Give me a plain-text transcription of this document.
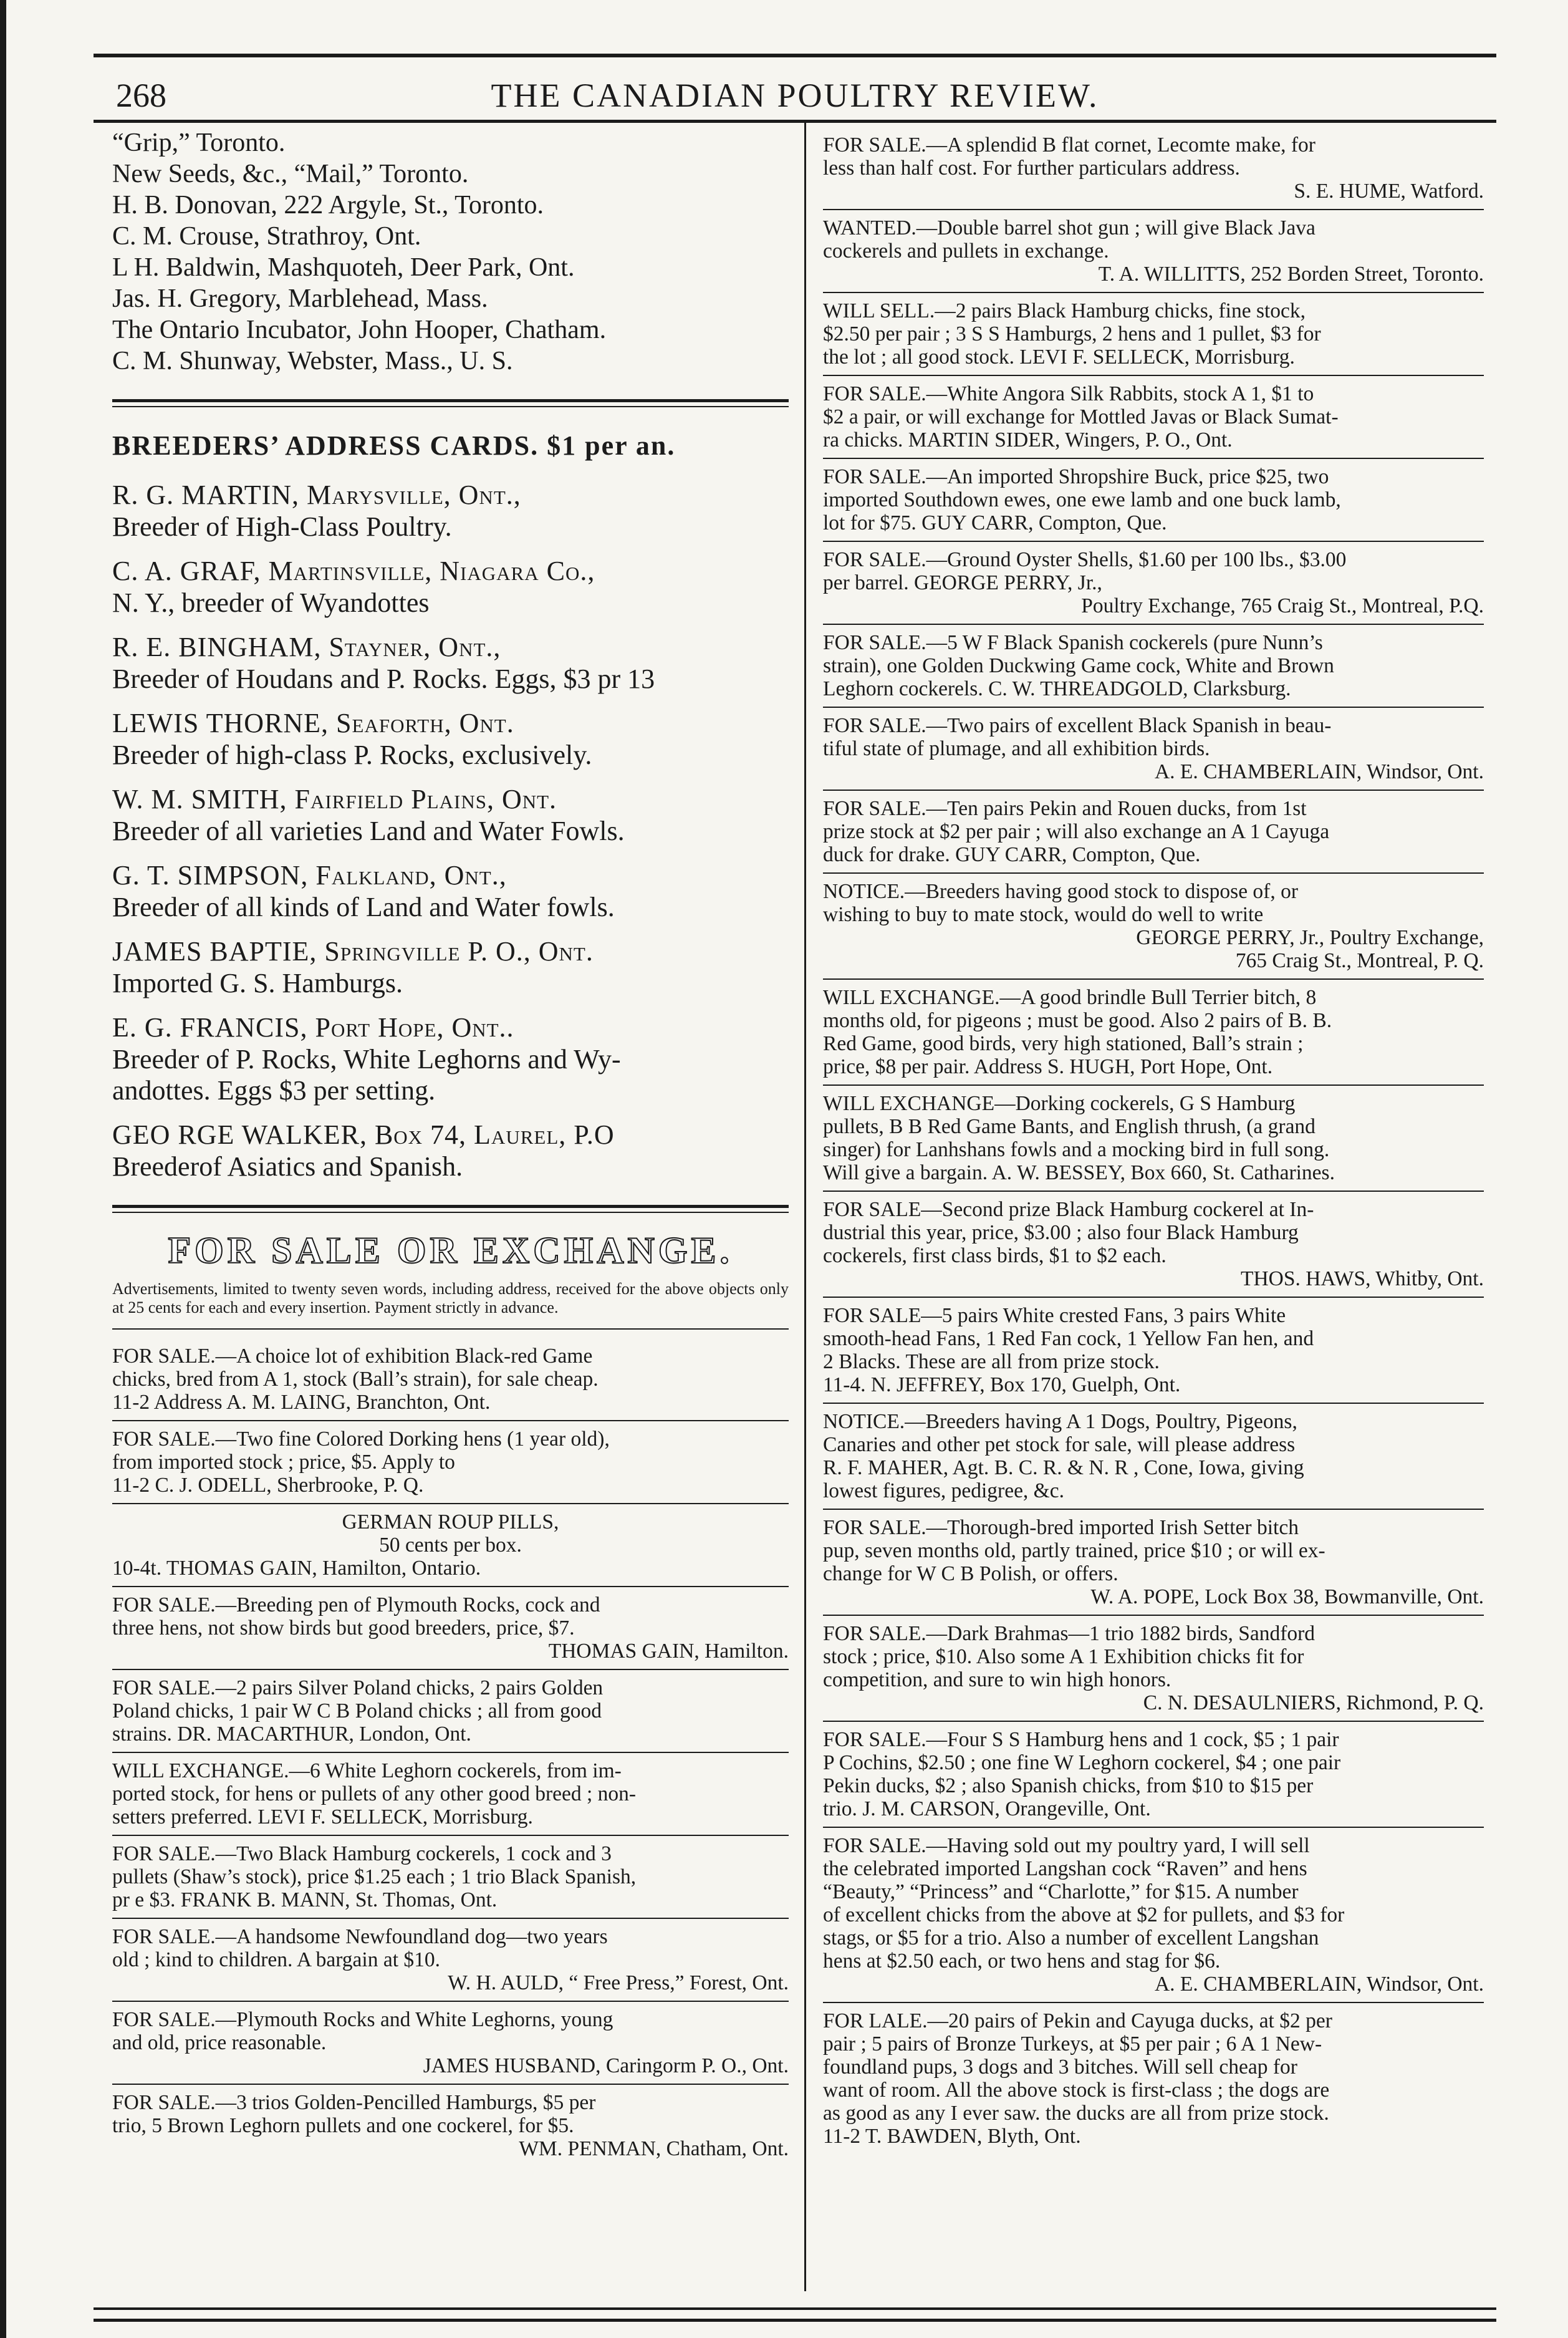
268	THE CANADIAN POULTRY REVIEW.
“Grip,” Toronto.
New Seeds, &c., “Mail,” Toronto.
H. B. Donovan, 222 Argyle, St., Toronto.
C. M. Crouse, Strathroy, Ont.
L H. Baldwin, Mashquoteh, Deer Park, Ont.
Jas. H. Gregory, Marblehead, Mass.
The Ontario Incubator, John Hooper, Chatham.
C. M. Shunway, Webster, Mass., U. S.
BREEDERS’ ADDRESS CARDS. $1 per an.
R. G. MARTIN, Marysville, Ont.,
Breeder of High-Class Poultry.
C. A. GRAF, Martinsville, Niagara Co.,
N. Y., breeder of Wyandottes
R. E. BINGHAM, Stayner, Ont.,
Breeder of Houdans and P. Rocks. Eggs, $3 pr 13
LEWIS THORNE, Seaforth, Ont.
Breeder of high-class P. Rocks, exclusively.
W. M. SMITH, Fairfield Plains, Ont.
Breeder of all varieties Land and Water Fowls.
G. T. SIMPSON, Falkland, Ont.,
Breeder of all kinds of Land and Water fowls.
JAMES BAPTIE, Springville P. O., Ont.
Imported G. S. Hamburgs.
E. G. FRANCIS, Port Hope, Ont..
Breeder of P. Rocks, White Leghorns and Wy-
andottes. Eggs $3 per setting.
GEO RGE WALKER, Box 74, Laurel, P.O
Breederof Asiatics and Spanish.
FOR SALE OR EXCHANGE.
Advertisements, limited to twenty seven words, including address, received for the above objects only at 25 cents for each and every insertion. Payment strictly in advance.
FOR SALE.—A choice lot of exhibition Black-red Game
chicks, bred from A 1, stock (Ball’s strain), for sale cheap.
11-2 Address A. M. LAING, Branchton, Ont.
FOR SALE.—Two fine Colored Dorking hens (1 year old),
from imported stock ; price, $5. Apply to
11-2 C. J. ODELL, Sherbrooke, P. Q.
GERMAN ROUP PILLS,
50 cents per box.
10-4t. THOMAS GAIN, Hamilton, Ontario.
FOR SALE.—Breeding pen of Plymouth Rocks, cock and
three hens, not show birds but good breeders, price, $7.
THOMAS GAIN, Hamilton.
FOR SALE.—2 pairs Silver Poland chicks, 2 pairs Golden
Poland chicks, 1 pair W C B Poland chicks ; all from good
strains. DR. MACARTHUR, London, Ont.
WILL EXCHANGE.—6 White Leghorn cockerels, from im-
ported stock, for hens or pullets of any other good breed ; non-
setters preferred. LEVI F. SELLECK, Morrisburg.
FOR SALE.—Two Black Hamburg cockerels, 1 cock and 3
pullets (Shaw’s stock), price $1.25 each ; 1 trio Black Spanish,
pr e $3. FRANK B. MANN, St. Thomas, Ont.
FOR SALE.—A handsome Newfoundland dog—two years
old ; kind to children. A bargain at $10.
W. H. AULD, “ Free Press,” Forest, Ont.
FOR SALE.—Plymouth Rocks and White Leghorns, young
and old, price reasonable.
JAMES HUSBAND, Caringorm P. O., Ont.
FOR SALE.—3 trios Golden-Pencilled Hamburgs, $5 per
trio, 5 Brown Leghorn pullets and one cockerel, for $5.
WM. PENMAN, Chatham, Ont.
FOR SALE.—A splendid B flat cornet, Lecomte make, for
less than half cost. For further particulars address.
S. E. HUME, Watford.
WANTED.—Double barrel shot gun ; will give Black Java
cockerels and pullets in exchange.
T. A. WILLITTS, 252 Borden Street, Toronto.
WILL SELL.—2 pairs Black Hamburg chicks, fine stock,
$2.50 per pair ; 3 S S Hamburgs, 2 hens and 1 pullet, $3 for
the lot ; all good stock. LEVI F. SELLECK, Morrisburg.
FOR SALE.—White Angora Silk Rabbits, stock A 1, $1 to
$2 a pair, or will exchange for Mottled Javas or Black Sumat-
ra chicks. MARTIN SIDER, Wingers, P. O., Ont.
FOR SALE.—An imported Shropshire Buck, price $25, two
imported Southdown ewes, one ewe lamb and one buck lamb,
lot for $75. GUY CARR, Compton, Que.
FOR SALE.—Ground Oyster Shells, $1.60 per 100 lbs., $3.00
per barrel. GEORGE PERRY, Jr.,
Poultry Exchange, 765 Craig St., Montreal, P.Q.
FOR SALE.—5 W F Black Spanish cockerels (pure Nunn’s
strain), one Golden Duckwing Game cock, White and Brown
Leghorn cockerels. C. W. THREADGOLD, Clarksburg.
FOR SALE.—Two pairs of excellent Black Spanish in beau-
tiful state of plumage, and all exhibition birds.
A. E. CHAMBERLAIN, Windsor, Ont.
FOR SALE.—Ten pairs Pekin and Rouen ducks, from 1st
prize stock at $2 per pair ; will also exchange an A 1 Cayuga
duck for drake. GUY CARR, Compton, Que.
NOTICE.—Breeders having good stock to dispose of, or
wishing to buy to mate stock, would do well to write
GEORGE PERRY, Jr., Poultry Exchange,
765 Craig St., Montreal, P. Q.
WILL EXCHANGE.—A good brindle Bull Terrier bitch, 8
months old, for pigeons ; must be good. Also 2 pairs of B. B.
Red Game, good birds, very high stationed, Ball’s strain ;
price, $8 per pair. Address S. HUGH, Port Hope, Ont.
WILL EXCHANGE—Dorking cockerels, G S Hamburg
pullets, B B Red Game Bants, and English thrush, (a grand
singer) for Lanhshans fowls and a mocking bird in full song.
Will give a bargain. A. W. BESSEY, Box 660, St. Catharines.
FOR SALE—Second prize Black Hamburg cockerel at In-
dustrial this year, price, $3.00 ; also four Black Hamburg
cockerels, first class birds, $1 to $2 each.
THOS. HAWS, Whitby, Ont.
FOR SALE—5 pairs White crested Fans, 3 pairs White
smooth-head Fans, 1 Red Fan cock, 1 Yellow Fan hen, and
2 Blacks. These are all from prize stock.
11-4. N. JEFFREY, Box 170, Guelph, Ont.
NOTICE.—Breeders having A 1 Dogs, Poultry, Pigeons,
Canaries and other pet stock for sale, will please address
R. F. MAHER, Agt. B. C. R. & N. R , Cone, Iowa, giving
lowest figures, pedigree, &c.
FOR SALE.—Thorough-bred imported Irish Setter bitch
pup, seven months old, partly trained, price $10 ; or will ex-
change for W C B Polish, or offers.
W. A. POPE, Lock Box 38, Bowmanville, Ont.
FOR SALE.—Dark Brahmas—1 trio 1882 birds, Sandford
stock ; price, $10. Also some A 1 Exhibition chicks fit for
competition, and sure to win high honors.
C. N. DESAULNIERS, Richmond, P. Q.
FOR SALE.—Four S S Hamburg hens and 1 cock, $5 ; 1 pair
P Cochins, $2.50 ; one fine W Leghorn cockerel, $4 ; one pair
Pekin ducks, $2 ; also Spanish chicks, from $10 to $15 per
trio. J. M. CARSON, Orangeville, Ont.
FOR SALE.—Having sold out my poultry yard, I will sell
the celebrated imported Langshan cock “Raven” and hens
“Beauty,” “Princess” and “Charlotte,” for $15. A number
of excellent chicks from the above at $2 for pullets, and $3 for
stags, or $5 for a trio. Also a number of excellent Langshan
hens at $2.50 each, or two hens and stag for $6.
A. E. CHAMBERLAIN, Windsor, Ont.
FOR LALE.—20 pairs of Pekin and Cayuga ducks, at $2 per
pair ; 5 pairs of Bronze Turkeys, at $5 per pair ; 6 A 1 New-
foundland pups, 3 dogs and 3 bitches. Will sell cheap for
want of room. All the above stock is first-class ; the dogs are
as good as any I ever saw. the ducks are all from prize stock.
11-2 T. BAWDEN, Blyth, Ont.
